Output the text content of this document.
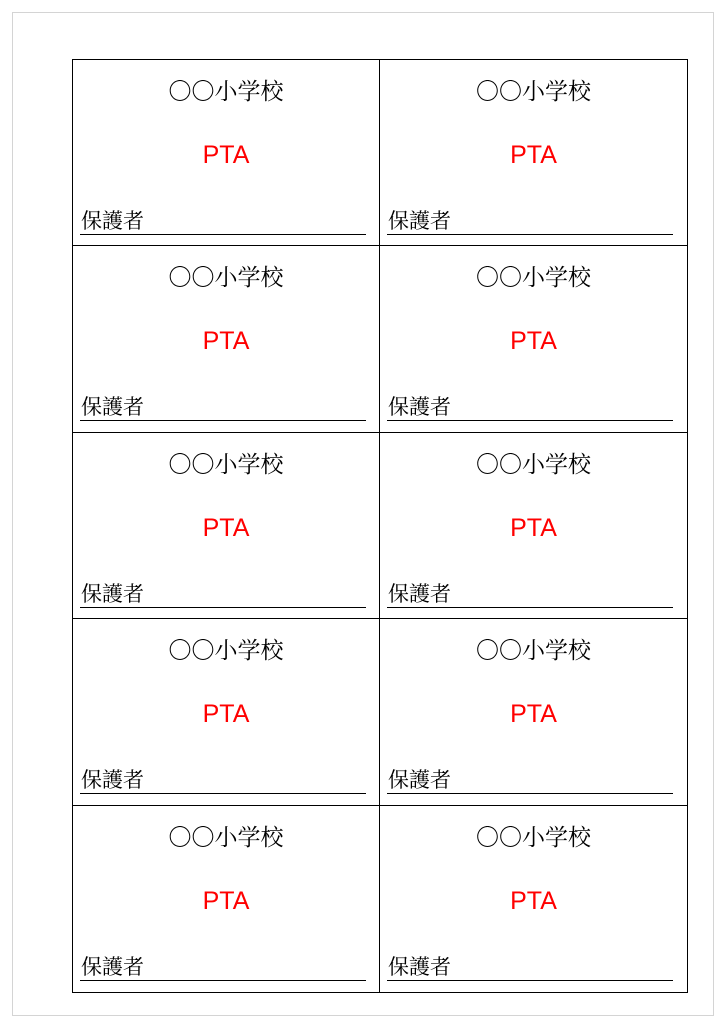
〇〇小学校
PTA
保護者
〇〇小学校
PTA
保護者
〇〇小学校
PTA
保護者
〇〇小学校
PTA
保護者
〇〇小学校
PTA
保護者
〇〇小学校
PTA
保護者
〇〇小学校
PTA
保護者
〇〇小学校
PTA
保護者
〇〇小学校
PTA
保護者
〇〇小学校
PTA
保護者
